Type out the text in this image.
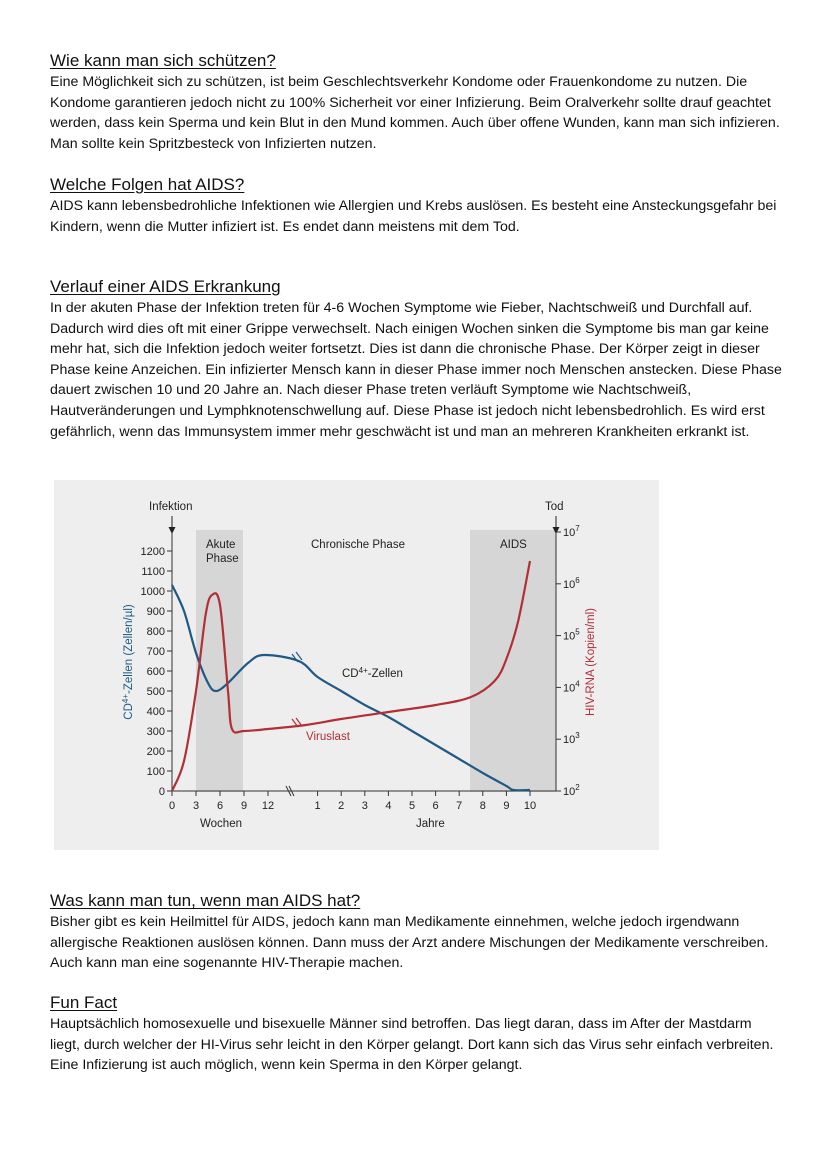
Wie kann man sich schützen?

Eine Möglichkeit sich zu schützen, ist beim Geschlechtsverkehr Kondome oder Frauenkondome zu nutzen. Die Kondome garantieren jedoch nicht zu 100% Sicherheit vor einer Infizierung. Beim Oralverkehr sollte drauf geachtet werden, dass kein Sperma und kein Blut in den Mund kommen. Auch über offene Wunden, kann man sich infizieren. Man sollte kein Spritzbesteck von Infizierten nutzen.

Welche Folgen hat AIDS?

AIDS kann lebensbedrohliche Infektionen wie Allergien und Krebs auslösen. Es besteht eine Ansteckungsgefahr bei Kindern, wenn die Mutter infiziert ist. Es endet dann meistens mit dem Tod.

Verlauf einer AIDS Erkrankung

In der akuten Phase der Infektion treten für 4-6 Wochen Symptome wie Fieber, Nachtschweiß und Durchfall auf. Dadurch wird dies oft mit einer Grippe verwechselt. Nach einigen Wochen sinken die Symptome bis man gar keine mehr hat, sich die Infektion jedoch weiter fortsetzt. Dies ist dann die chronische Phase. Der Körper zeigt in dieser Phase keine Anzeichen. Ein infizierter Mensch kann in dieser Phase immer noch Menschen anstecken. Diese Phase dauert zwischen 10 und 20 Jahre an. Nach dieser Phase treten verläuft Symptome wie Nachtschweiß, Hautveränderungen und Lymphknotenschwellung auf. Diese Phase ist jedoch nicht lebensbedrohlich. Es wird erst gefährlich, wenn das Immunsystem immer mehr geschwächt ist und man an mehreren Krankheiten erkrankt ist.

Akute
Phase
Chronische Phase	AIDS
Infektion	Tod
0
100
200
300
400
500
600
700
800
900
1000
1100
1200
$10^2$
$10^3$
$10^4$
$10^5$
$10^6$
$10^7$
0 3 6 9 12	1 2 3 4 5 6 7 8 9 10
$CD^{4+}$-Zellen (Zellen/µl)	HIV-RNA (Kopien/ml)
Wochen	Jahre
$CD^{4+}$-Zellen
Viruslast
Was kann man tun, wenn man AIDS hat?

Bisher gibt es kein Heilmittel für AIDS, jedoch kann man Medikamente einnehmen, welche jedoch irgendwann allergische Reaktionen auslösen können. Dann muss der Arzt andere Mischungen der Medikamente verschreiben. Auch kann man eine sogenannte HIV-Therapie machen.

Fun Fact

Hauptsächlich homosexuelle und bisexuelle Männer sind betroffen. Das liegt daran, dass im After der Mastdarm liegt, durch welcher der HI-Virus sehr leicht in den Körper gelangt. Dort kann sich das Virus sehr einfach verbreiten. Eine Infizierung ist auch möglich, wenn kein Sperma in den Körper gelangt.
